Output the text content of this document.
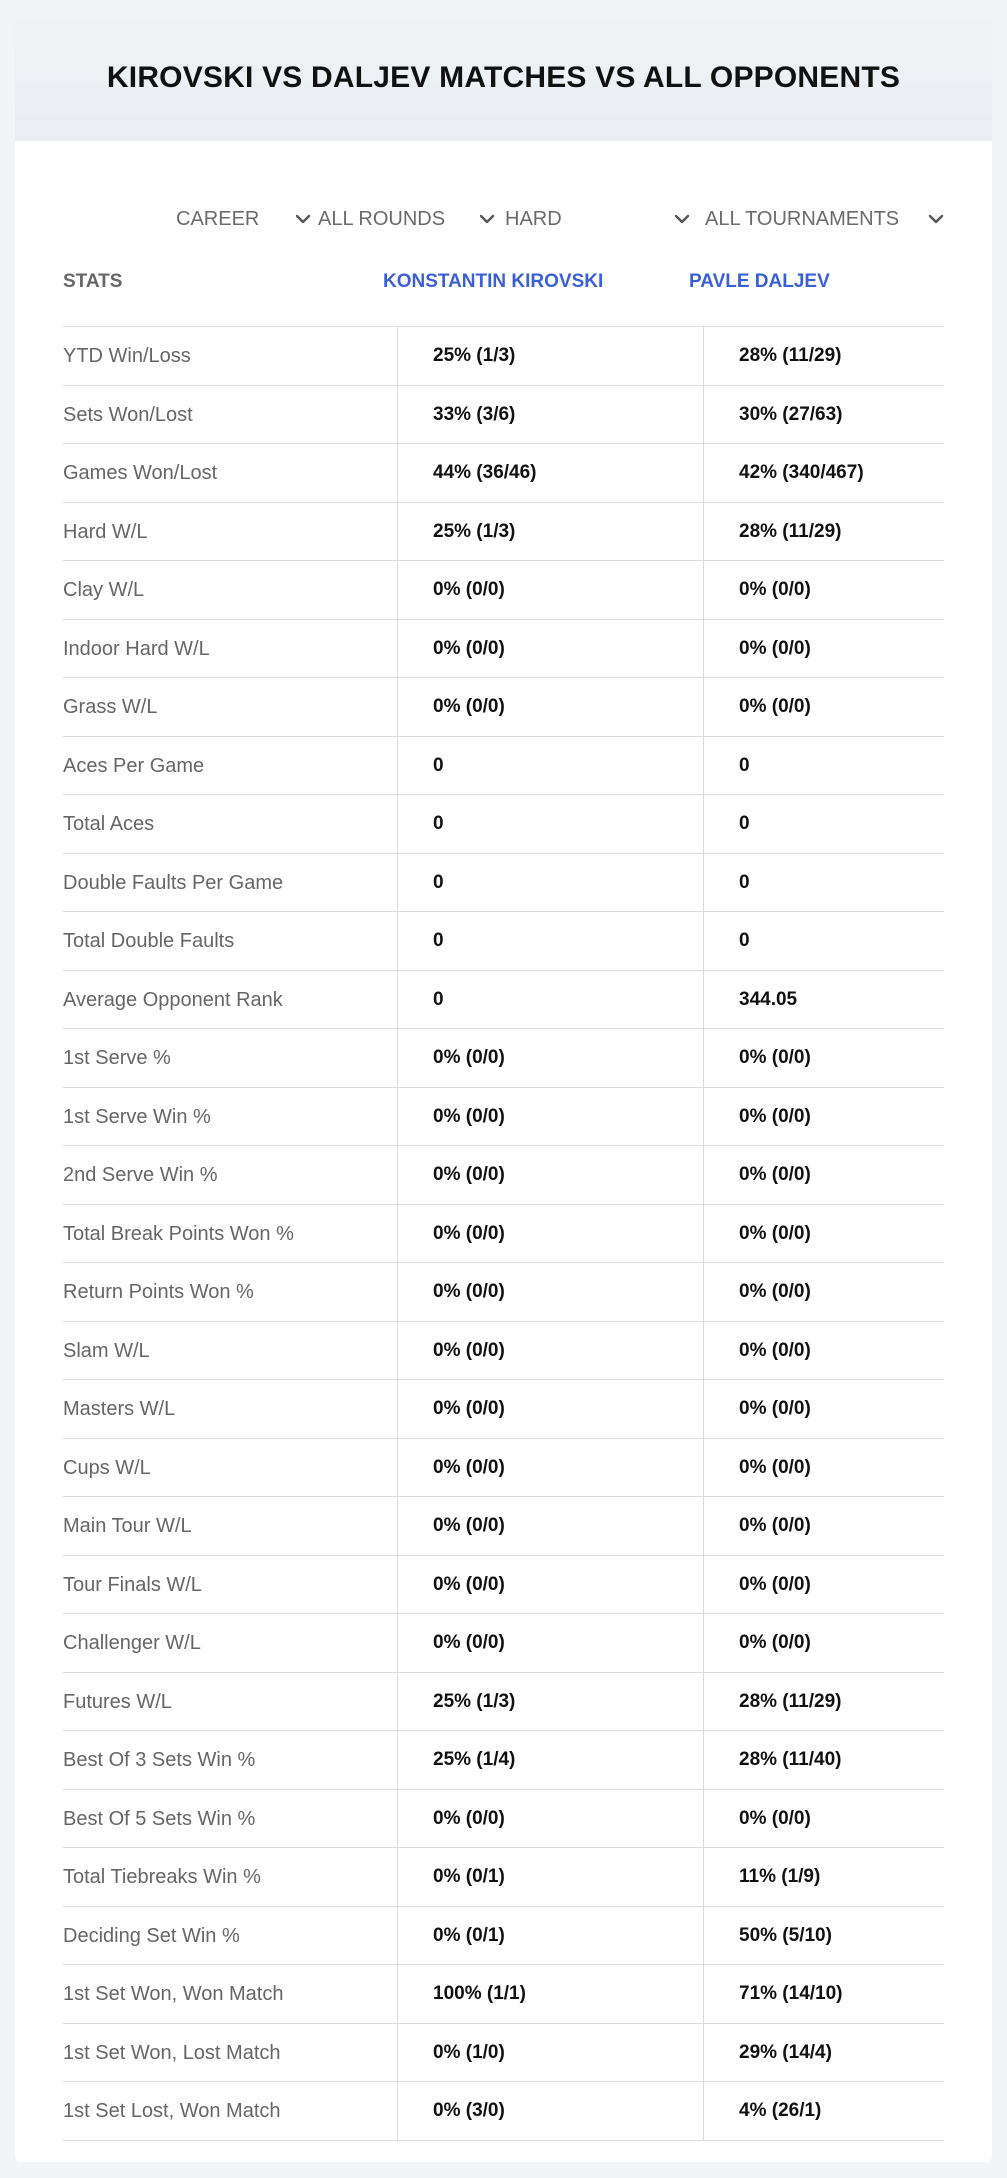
KIROVSKI VS DALJEV MATCHES VS ALL OPPONENTS
CAREER	ALL ROUNDS	HARD	ALL TOURNAMENTS
STATS	KONSTANTIN KIROVSKI	PAVLE DALJEV
YTD Win/Loss	25% (1/3)	28% (11/29)
Sets Won/Lost	33% (3/6)	30% (27/63)
Games Won/Lost	44% (36/46)	42% (340/467)
Hard W/L	25% (1/3)	28% (11/29)
Clay W/L	0% (0/0)	0% (0/0)
Indoor Hard W/L	0% (0/0)	0% (0/0)
Grass W/L	0% (0/0)	0% (0/0)
Aces Per Game	0	0
Total Aces	0	0
Double Faults Per Game	0	0
Total Double Faults	0	0
Average Opponent Rank	0	344.05
1st Serve %	0% (0/0)	0% (0/0)
1st Serve Win %	0% (0/0)	0% (0/0)
2nd Serve Win %	0% (0/0)	0% (0/0)
Total Break Points Won %	0% (0/0)	0% (0/0)
Return Points Won %	0% (0/0)	0% (0/0)
Slam W/L	0% (0/0)	0% (0/0)
Masters W/L	0% (0/0)	0% (0/0)
Cups W/L	0% (0/0)	0% (0/0)
Main Tour W/L	0% (0/0)	0% (0/0)
Tour Finals W/L	0% (0/0)	0% (0/0)
Challenger W/L	0% (0/0)	0% (0/0)
Futures W/L	25% (1/3)	28% (11/29)
Best Of 3 Sets Win %	25% (1/4)	28% (11/40)
Best Of 5 Sets Win %	0% (0/0)	0% (0/0)
Total Tiebreaks Win %	0% (0/1)	11% (1/9)
Deciding Set Win %	0% (0/1)	50% (5/10)
1st Set Won, Won Match	100% (1/1)	71% (14/10)
1st Set Won, Lost Match	0% (1/0)	29% (14/4)
1st Set Lost, Won Match	0% (3/0)	4% (26/1)
